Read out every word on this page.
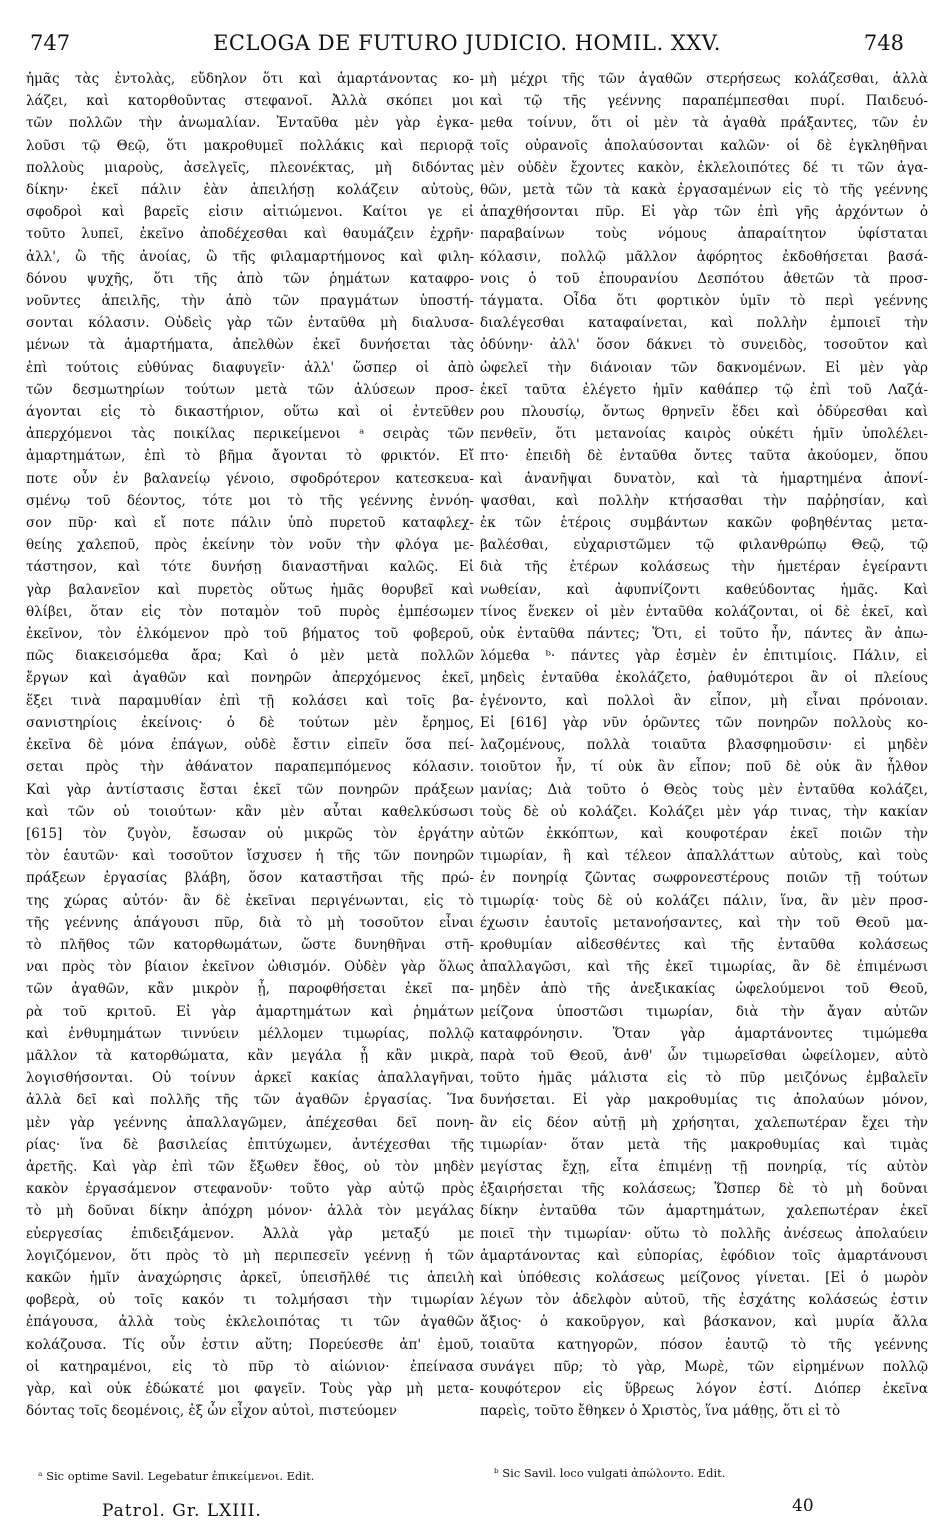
747	ECLOGA DE FUTURO JUDICIO. HOMIL. XXV.	748
ἡμᾶς τὰς ἐντολὰς, εὔδηλον ὅτι καὶ ἁμαρτάνοντας κο-
λάζει, καὶ κατορθοῦντας στεφανοῖ. Ἀλλὰ σκόπει μοι
τῶν πολλῶν τὴν ἀνωμαλίαν. Ἐνταῦθα μὲν γὰρ ἐγκα-
λοῦσι τῷ Θεῷ, ὅτι μακροθυμεῖ πολλάκις καὶ περιορᾷ
πολλοὺς μιαροὺς, ἀσελγεῖς, πλεονέκτας, μὴ διδόντας
δίκην· ἐκεῖ πάλιν ἐὰν ἀπειλήσῃ κολάζειν αὐτοὺς,
σφοδροὶ καὶ βαρεῖς εἰσιν αἰτιώμενοι. Καίτοι γε εἰ
τοῦτο λυπεῖ, ἐκεῖνο ἀποδέχεσθαι καὶ θαυμάζειν ἐχρῆν·
ἀλλ', ὢ τῆς ἀνοίας, ὢ τῆς φιλαμαρτήμονος καὶ φιλη-
δόνου ψυχῆς, ὅτι τῆς ἀπὸ τῶν ῥημάτων καταφρο-
νοῦντες ἀπειλῆς, τὴν ἀπὸ τῶν πραγμάτων ὑποστή-
σονται κόλασιν. Οὐδεὶς γὰρ τῶν ἐνταῦθα μὴ διαλυσα-
μένων τὰ ἁμαρτήματα, ἀπελθὼν ἐκεῖ δυνήσεται τὰς
ἐπὶ τούτοις εὐθύνας διαφυγεῖν· ἀλλ' ὥσπερ οἱ ἀπὸ
τῶν δεσμωτηρίων τούτων μετὰ τῶν ἁλύσεων προσ-
άγονται εἰς τὸ δικαστήριον, οὕτω καὶ οἱ ἐντεῦθεν
ἀπερχόμενοι τὰς ποικίλας περικείμενοι ᵃ σειρὰς τῶν
ἁμαρτημάτων, ἐπὶ τὸ βῆμα ἄγονται τὸ φρικτόν. Εἴ
ποτε οὖν ἐν βαλανείῳ γένοιο, σφοδρότερον κατεσκευα-
σμένῳ τοῦ δέοντος, τότε μοι τὸ τῆς γεέννης ἐννόη-
σον πῦρ· καὶ εἴ ποτε πάλιν ὑπὸ πυρετοῦ καταφλεχ-
θείης χαλεποῦ, πρὸς ἐκείνην τὸν νοῦν τὴν φλόγα με-
τάστησον, καὶ τότε δυνήσῃ διαναστῆναι καλῶς. Εἰ
γὰρ βαλανεῖον καὶ πυρετὸς οὕτως ἡμᾶς θορυβεῖ καὶ
θλίβει, ὅταν εἰς τὸν ποταμὸν τοῦ πυρὸς ἐμπέσωμεν
ἐκεῖνον, τὸν ἑλκόμενον πρὸ τοῦ βήματος τοῦ φοβεροῦ,
πῶς διακεισόμεθα ἄρα; Καὶ ὁ μὲν μετὰ πολλῶν
ἔργων καὶ ἀγαθῶν καὶ πονηρῶν ἀπερχόμενος ἐκεῖ,
ἕξει τινὰ παραμυθίαν ἐπὶ τῇ κολάσει καὶ τοῖς βα-
σανιστηρίοις ἐκείνοις· ὁ δὲ τούτων μὲν ἔρημος,
ἐκεῖνα δὲ μόνα ἐπάγων, οὐδὲ ἔστιν εἰπεῖν ὅσα πεί-
σεται πρὸς τὴν ἀθάνατον παραπεμπόμενος κόλασιν.
Καὶ γὰρ ἀντίστασις ἔσται ἐκεῖ τῶν πονηρῶν πράξεων
καὶ τῶν οὐ τοιούτων· κἂν μὲν αὗται καθελκύσωσι
[615] τὸν ζυγὸν, ἔσωσαν οὐ μικρῶς τὸν ἐργάτην
τὸν ἑαυτῶν· καὶ τοσοῦτον ἴσχυσεν ἡ τῆς τῶν πονηρῶν
πράξεων ἐργασίας βλάβη, ὅσον καταστῆσαι τῆς πρώ-
της χώρας αὐτόν· ἂν δὲ ἐκεῖναι περιγένωνται, εἰς τὸ
τῆς γεέννης ἀπάγουσι πῦρ, διὰ τὸ μὴ τοσοῦτον εἶναι
τὸ πλῆθος τῶν κατορθωμάτων, ὥστε δυνηθῆναι στῆ-
ναι πρὸς τὸν βίαιον ἐκεῖνον ὠθισμόν. Οὐδὲν γὰρ ὅλως
τῶν ἀγαθῶν, κἂν μικρὸν ᾖ, παροφθήσεται ἐκεῖ πα-
ρὰ τοῦ κριτοῦ. Εἰ γὰρ ἁμαρτημάτων καὶ ῥημάτων
καὶ ἐνθυμημάτων τιννύειν μέλλομεν τιμωρίας, πολλῷ
μᾶλλον τὰ κατορθώματα, κἂν μεγάλα ᾖ κἂν μικρὰ,
λογισθήσονται. Οὐ τοίνυν ἀρκεῖ κακίας ἀπαλλαγῆναι,
ἀλλὰ δεῖ καὶ πολλῆς τῆς τῶν ἀγαθῶν ἐργασίας. Ἵνα
μὲν γὰρ γεέννης ἀπαλλαγῶμεν, ἀπέχεσθαι δεῖ πονη-
ρίας· ἵνα δὲ βασιλείας ἐπιτύχωμεν, ἀντέχεσθαι τῆς
ἀρετῆς. Καὶ γὰρ ἐπὶ τῶν ἔξωθεν ἔθος, οὐ τὸν μηδὲν
κακὸν ἐργασάμενον στεφανοῦν· τοῦτο γὰρ αὐτῷ πρὸς
τὸ μὴ δοῦναι δίκην ἀπόχρη μόνον· ἀλλὰ τὸν μεγάλας
εὐεργεσίας ἐπιδειξάμενον. Ἀλλὰ γὰρ μεταξύ με
λογιζόμενον, ὅτι πρὸς τὸ μὴ περιπεσεῖν γεέννῃ ἡ τῶν
κακῶν ἡμῖν ἀναχώρησις ἀρκεῖ, ὑπεισῆλθέ τις ἀπειλὴ
φοβερὰ, οὐ τοῖς κακόν τι τολμήσασι τὴν τιμωρίαν
ἐπάγουσα, ἀλλὰ τοὺς ἐκλελοιπότας τι τῶν ἀγαθῶν
κολάζουσα. Τίς οὖν ἐστιν αὕτη; Πορεύεσθε ἀπ' ἐμοῦ,
οἱ κατηραμένοι, εἰς τὸ πῦρ τὸ αἰώνιον· ἐπείνασα
γὰρ, καὶ οὐκ ἐδώκατέ μοι φαγεῖν. Τοὺς γὰρ μὴ μετα-
δόντας τοῖς δεομένοις, ἐξ ὧν εἶχον αὐτοὶ, πιστεύομεν
μὴ μέχρι τῆς τῶν ἀγαθῶν στερήσεως κολάζεσθαι, ἀλλὰ
καὶ τῷ τῆς γεέννης παραπέμπεσθαι πυρί. Παιδευό-
μεθα τοίνυν, ὅτι οἱ μὲν τὰ ἀγαθὰ πράξαντες, τῶν ἐν
τοῖς οὐρανοῖς ἀπολαύσονται καλῶν· οἱ δὲ ἐγκληθῆναι
μὲν οὐδὲν ἔχοντες κακὸν, ἐκλελοιπότες δέ τι τῶν ἀγα-
θῶν, μετὰ τῶν τὰ κακὰ ἐργασαμένων εἰς τὸ τῆς γεέννης
ἀπαχθήσονται πῦρ. Εἰ γὰρ τῶν ἐπὶ γῆς ἀρχόντων ὁ
παραβαίνων τοὺς νόμους ἀπαραίτητον ὑφίσταται
κόλασιν, πολλῷ μᾶλλον ἀφόρητος ἐκδοθήσεται βασά-
νοις ὁ τοῦ ἐπουρανίου Δεσπότου ἀθετῶν τὰ προσ-
τάγματα. Οἶδα ὅτι φορτικὸν ὑμῖν τὸ περὶ γεέννης
διαλέγεσθαι καταφαίνεται, καὶ πολλὴν ἐμποιεῖ τὴν
ὀδύνην· ἀλλ' ὅσον δάκνει τὸ συνειδὸς, τοσοῦτον καὶ
ὠφελεῖ τὴν διάνοιαν τῶν δακνομένων. Εἰ μὲν γὰρ
ἐκεῖ ταῦτα ἐλέγετο ἡμῖν καθάπερ τῷ ἐπὶ τοῦ Λαζά-
ρου πλουσίῳ, ὄντως θρηνεῖν ἔδει καὶ ὀδύρεσθαι καὶ
πενθεῖν, ὅτι μετανοίας καιρὸς οὐκέτι ἡμῖν ὑπολέλει-
πτο· ἐπειδὴ δὲ ἐνταῦθα ὄντες ταῦτα ἀκούομεν, ὅπου
καὶ ἀνανῆψαι δυνατὸν, καὶ τὰ ἡμαρτημένα ἀπονί-
ψασθαι, καὶ πολλὴν κτήσασθαι τὴν παῤῥησίαν, καὶ
ἐκ τῶν ἑτέροις συμβάντων κακῶν φοβηθέντας μετα-
βαλέσθαι, εὐχαριστῶμεν τῷ φιλανθρώπῳ Θεῷ, τῷ
διὰ τῆς ἑτέρων κολάσεως τὴν ἡμετέραν ἐγείραντι
νωθείαν, καὶ ἀφυπνίζοντι καθεύδοντας ἡμᾶς. Καὶ
τίνος ἕνεκεν οἱ μὲν ἐνταῦθα κολάζονται, οἱ δὲ ἐκεῖ, καὶ
οὐκ ἐνταῦθα πάντες; Ὅτι, εἰ τοῦτο ἦν, πάντες ἂν ἀπω-
λόμεθα ᵇ· πάντες γὰρ ἐσμὲν ἐν ἐπιτιμίοις. Πάλιν, εἰ
μηδεὶς ἐνταῦθα ἐκολάζετο, ῥαθυμότεροι ἂν οἱ πλείους
ἐγένοντο, καὶ πολλοὶ ἂν εἶπον, μὴ εἶναι πρόνοιαν.
Εἰ [616] γὰρ νῦν ὁρῶντες τῶν πονηρῶν πολλοὺς κο-
λαζομένους, πολλὰ τοιαῦτα βλασφημοῦσιν· εἰ μηδὲν
τοιοῦτον ἦν, τί οὐκ ἂν εἶπον; ποῦ δὲ οὐκ ἂν ἦλθον
μανίας; Διὰ τοῦτο ὁ Θεὸς τοὺς μὲν ἐνταῦθα κολάζει,
τοὺς δὲ οὐ κολάζει. Κολάζει μὲν γάρ τινας, τὴν κακίαν
αὐτῶν ἐκκόπτων, καὶ κουφοτέραν ἐκεῖ ποιῶν τὴν
τιμωρίαν, ἢ καὶ τέλεον ἀπαλλάττων αὐτοὺς, καὶ τοὺς
ἐν πονηρίᾳ ζῶντας σωφρονεστέρους ποιῶν τῇ τούτων
τιμωρίᾳ· τοὺς δὲ οὐ κολάζει πάλιν, ἵνα, ἂν μὲν προσ-
έχωσιν ἑαυτοῖς μετανοήσαντες, καὶ τὴν τοῦ Θεοῦ μα-
κροθυμίαν αἰδεσθέντες καὶ τῆς ἐνταῦθα κολάσεως
ἀπαλλαγῶσι, καὶ τῆς ἐκεῖ τιμωρίας, ἂν δὲ ἐπιμένωσι
μηδὲν ἀπὸ τῆς ἀνεξικακίας ὠφελούμενοι τοῦ Θεοῦ,
μείζονα ὑποστῶσι τιμωρίαν, διὰ τὴν ἄγαν αὐτῶν
καταφρόνησιν. Ὅταν γὰρ ἁμαρτάνοντες τιμώμεθα
παρὰ τοῦ Θεοῦ, ἀνθ' ὧν τιμωρεῖσθαι ὠφείλομεν, αὐτὸ
τοῦτο ἡμᾶς μάλιστα εἰς τὸ πῦρ μειζόνως ἐμβαλεῖν
δυνήσεται. Εἰ γὰρ μακροθυμίας τις ἀπολαύων μόνον,
ἂν εἰς δέον αὐτῇ μὴ χρήσηται, χαλεπωτέραν ἔχει τὴν
τιμωρίαν· ὅταν μετὰ τῆς μακροθυμίας καὶ τιμὰς
μεγίστας ἔχῃ, εἶτα ἐπιμένῃ τῇ πονηρίᾳ, τίς αὐτὸν
ἐξαιρήσεται τῆς κολάσεως; Ὥσπερ δὲ τὸ μὴ δοῦναι
δίκην ἐνταῦθα τῶν ἁμαρτημάτων, χαλεπωτέραν ἐκεῖ
ποιεῖ τὴν τιμωρίαν· οὕτω τὸ πολλῆς ἀνέσεως ἀπολαύειν
ἁμαρτάνοντας καὶ εὐπορίας, ἐφόδιον τοῖς ἁμαρτάνουσι
καὶ ὑπόθεσις κολάσεως μείζονος γίνεται. [Εἰ ὁ μωρὸν
λέγων τὸν ἀδελφὸν αὐτοῦ, τῆς ἐσχάτης κολάσεώς ἐστιν
ἄξιος· ὁ κακοῦργον, καὶ βάσκανον, καὶ μυρία ἄλλα
τοιαῦτα κατηγορῶν, πόσον ἑαυτῷ τὸ τῆς γεέννης
συνάγει πῦρ; τὸ γὰρ, Μωρὲ, τῶν εἰρημένων πολλῷ
κουφότερον εἰς ὕβρεως λόγον ἐστί. Διόπερ ἐκεῖνα
παρεὶς, τοῦτο ἔθηκεν ὁ Χριστὸς, ἵνα μάθῃς, ὅτι εἰ τὸ
ᵃ Sic optime Savil. Legebatur ἐπικείμενοι. Edit.	ᵇ Sic Savil. loco vulgati ἀπώλοντο. Edit.
Patrol. Gr. LXIII.	40
